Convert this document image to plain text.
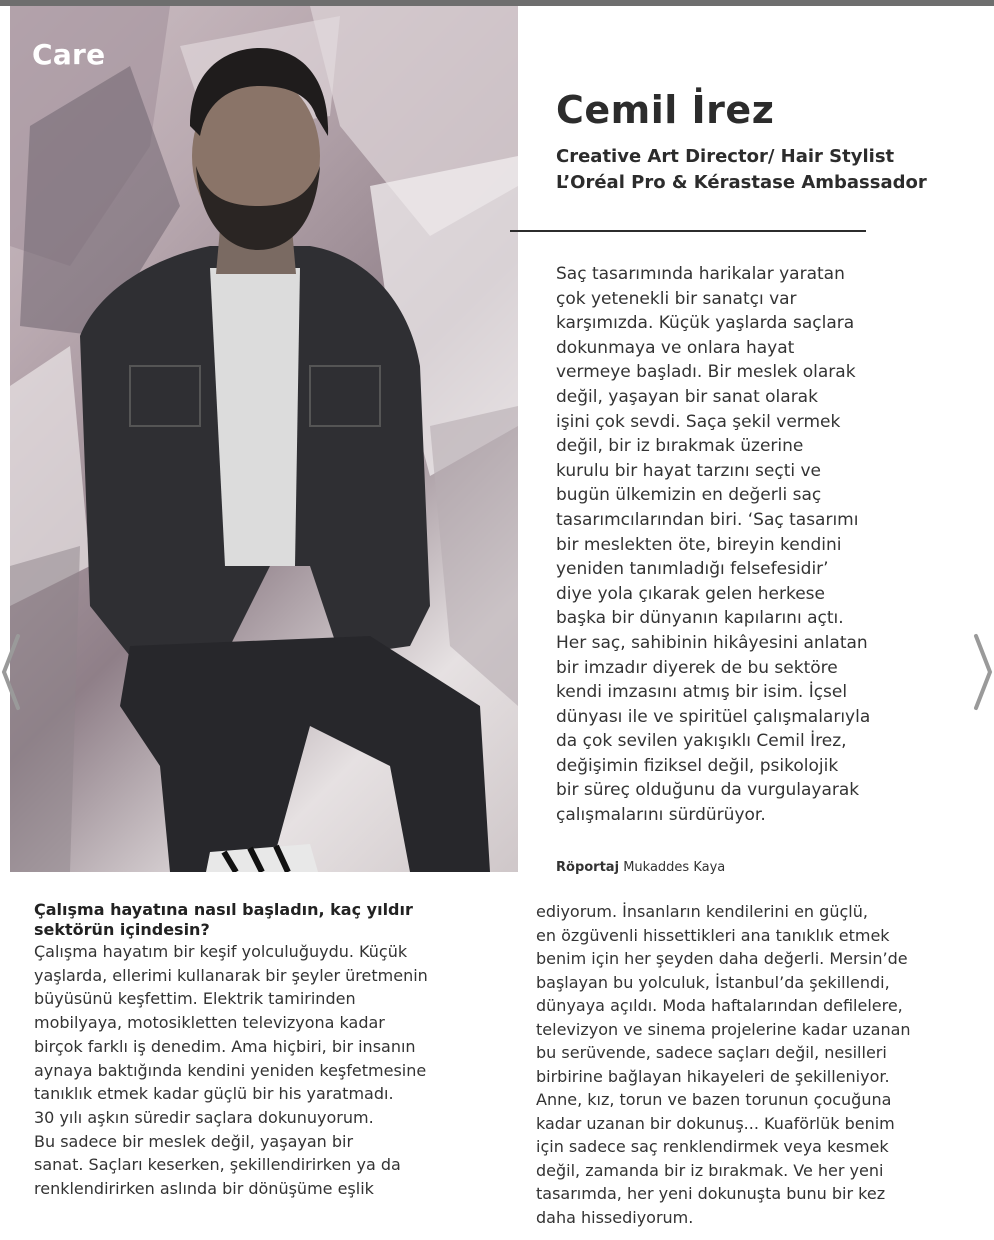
Care
Cemil İrez
Creative Art Director/ Hair Stylist
L’Oréal Pro & Kérastase Ambassador

Saç tasarımında harikalar yaratan

çok yetenekli bir sanatçı var

karşımızda. Küçük yaşlarda saçlara

dokunmaya ve onlara hayat

vermeye başladı. Bir meslek olarak

değil, yaşayan bir sanat olarak

işini çok sevdi. Saça şekil vermek

değil, bir iz bırakmak üzerine

kurulu bir hayat tarzını seçti ve

bugün ülkemizin en değerli saç

tasarımcılarından biri. ‘Saç tasarımı

bir meslekten öte, bireyin kendini

yeniden tanımladığı felsefesidir’

diye yola çıkarak gelen herkese

başka bir dünyanın kapılarını açtı.

Her saç, sahibinin hikâyesini anlatan

bir imzadır diyerek de bu sektöre

kendi imzasını atmış bir isim. İçsel

dünyası ile ve spiritüel çalışmalarıyla

da çok sevilen yakışıklı Cemil İrez,

değişimin fiziksel değil, psikolojik

bir süreç olduğunu da vurgulayarak

çalışmalarını sürdürüyor.

Röportaj Mukaddes Kaya
Çalışma hayatına nasıl başladın, kaç yıldır
sektörün içindesin?
Çalışma hayatım bir keşif yolculuğuydu. Küçük
yaşlarda, ellerimi kullanarak bir şeyler üretmenin
büyüsünü keşfettim. Elektrik tamirinden
mobilyaya, motosikletten televizyona kadar
birçok farklı iş denedim. Ama hiçbiri, bir insanın
aynaya baktığında kendini yeniden keşfetmesine
tanıklık etmek kadar güçlü bir his yaratmadı.
30 yılı aşkın süredir saçlara dokunuyorum.
Bu sadece bir meslek değil, yaşayan bir
sanat. Saçları keserken, şekillendirirken ya da
renklendirirken aslında bir dönüşüme eşlik
ediyorum. İnsanların kendilerini en güçlü,
en özgüvenli hissettikleri ana tanıklık etmek
benim için her şeyden daha değerli. Mersin’de
başlayan bu yolculuk, İstanbul’da şekillendi,
dünyaya açıldı. Moda haftalarından defilelere,
televizyon ve sinema projelerine kadar uzanan
bu serüvende, sadece saçları değil, nesilleri
birbirine bağlayan hikayeleri de şekilleniyor.
Anne, kız, torun ve bazen torunun çocuğuna
kadar uzanan bir dokunuş... Kuaförlük benim
için sadece saç renklendirmek veya kesmek
değil, zamanda bir iz bırakmak. Ve her yeni
tasarımda, her yeni dokunuşta bunu bir kez
daha hissediyorum.
